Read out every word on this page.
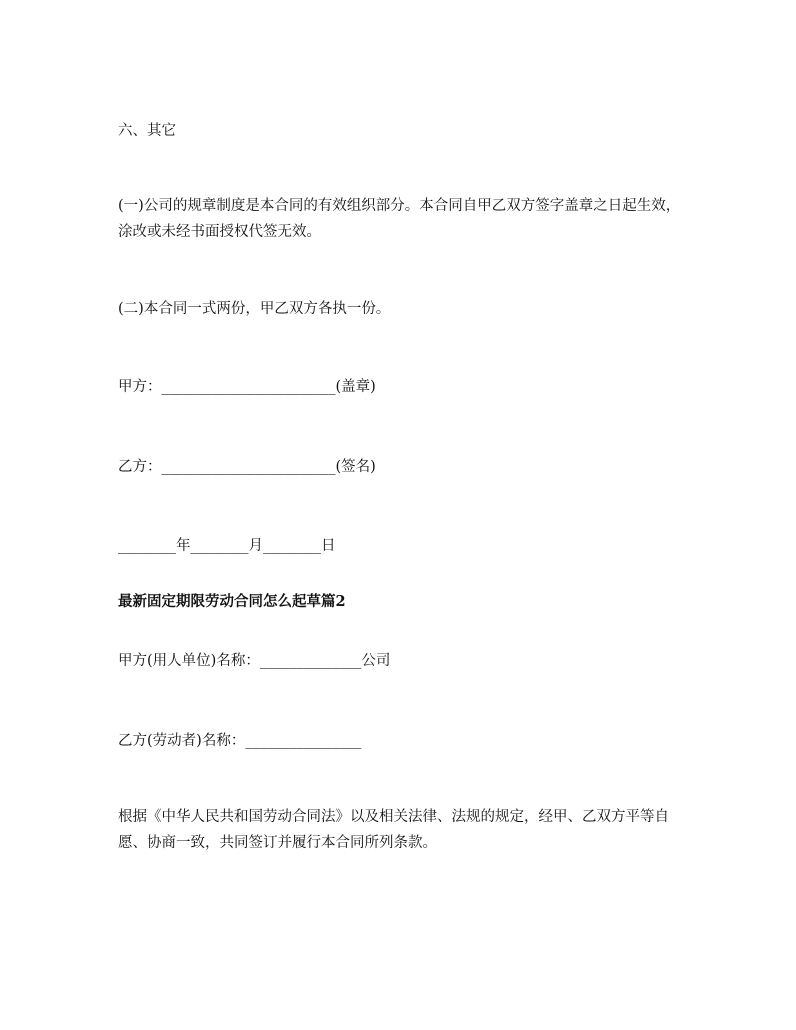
六、其它

(一)公司的规章制度是本合同的有效组织部分。本合同自甲乙双方签字盖章之日起生效，涂改或未经书面授权代签无效。

(二)本合同一式两份，甲乙双方各执一份。

甲方：________________________(盖章)

乙方：________________________(签名)

________年________月________日

最新固定期限劳动合同怎么起草篇2

甲方(用人单位)名称：______________公司

乙方(劳动者)名称：________________

根据《中华人民共和国劳动合同法》以及相关法律、法规的规定，经甲、乙双方平等自愿、协商一致，共同签订并履行本合同所列条款。
